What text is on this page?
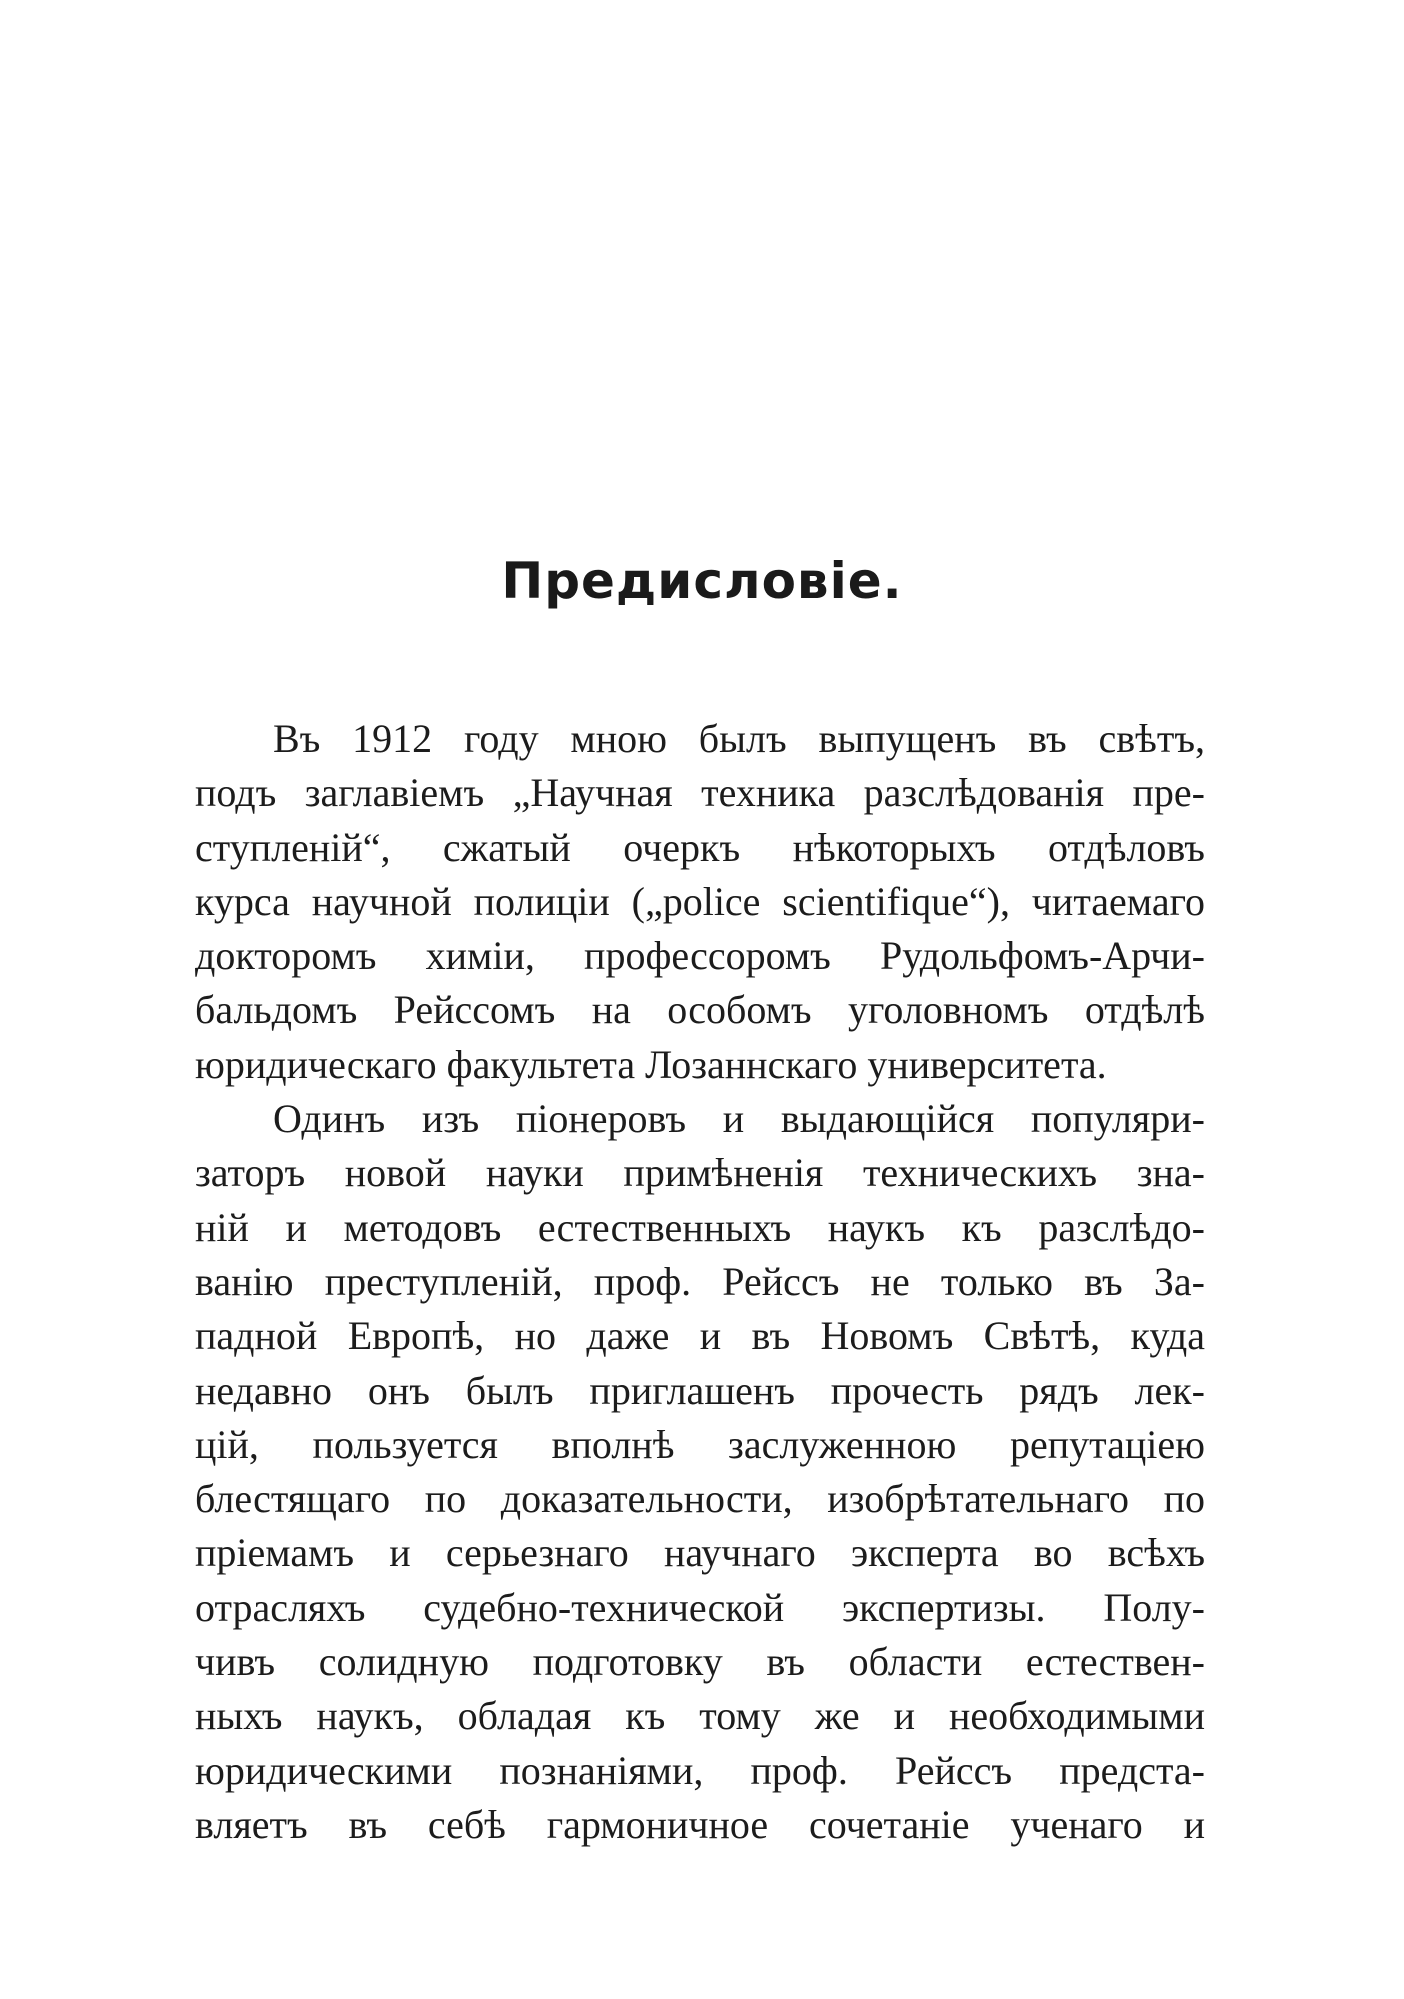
Предисловіе.
Въ 1912 году мною былъ выпущенъ въ свѣтъ,
подъ заглавіемъ „Научная техника разслѣдованія пре-
ступленій“, сжатый очеркъ нѣкоторыхъ отдѣловъ
курса научной полиціи („police scientifique“), читаемаго
докторомъ химіи, профессоромъ Рудольфомъ-Арчи-
бальдомъ Рейссомъ на особомъ уголовномъ отдѣлѣ
юридическаго факультета Лозаннскаго университета.
Одинъ изъ піонеровъ и выдающійся популяри-
заторъ новой науки примѣненія техническихъ зна-
ній и методовъ естественныхъ наукъ къ разслѣдо-
ванію преступленій, проф. Рейссъ не только въ За-
падной Европѣ, но даже и въ Новомъ Свѣтѣ, куда
недавно онъ былъ приглашенъ прочесть рядъ лек-
цій, пользуется вполнѣ заслуженною репутаціею
блестящаго по доказательности, изобрѣтательнаго по
пріемамъ и серьезнаго научнаго эксперта во всѣхъ
отрасляхъ судебно-технической экспертизы. Полу-
чивъ солидную подготовку въ области естествен-
ныхъ наукъ, обладая къ тому же и необходимыми
юридическими познаніями, проф. Рейссъ предста-
вляетъ въ себѣ гармоничное сочетаніе ученаго и
